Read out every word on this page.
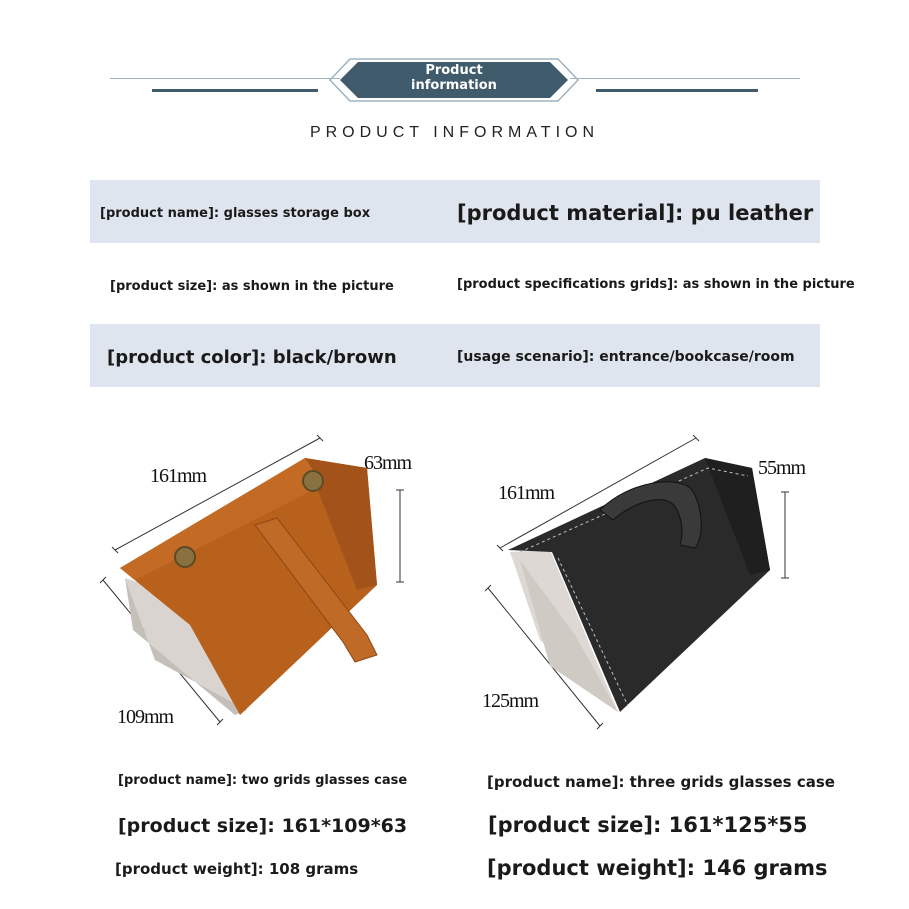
Product
information
PRODUCT INFORMATION
[product name]: glasses storage box	[product material]: pu leather
[product size]: as shown in the picture	[product specifications grids]: as shown in the picture
[product color]: black/brown	[usage scenario]: entrance/bookcase/room
161mm
63mm
109mm
161mm
55mm
125mm
[product name]: two grids glasses case
[product size]: 161*109*63
[product weight]: 108 grams
[product name]: three grids glasses case
[product size]: 161*125*55
[product weight]: 146 grams
